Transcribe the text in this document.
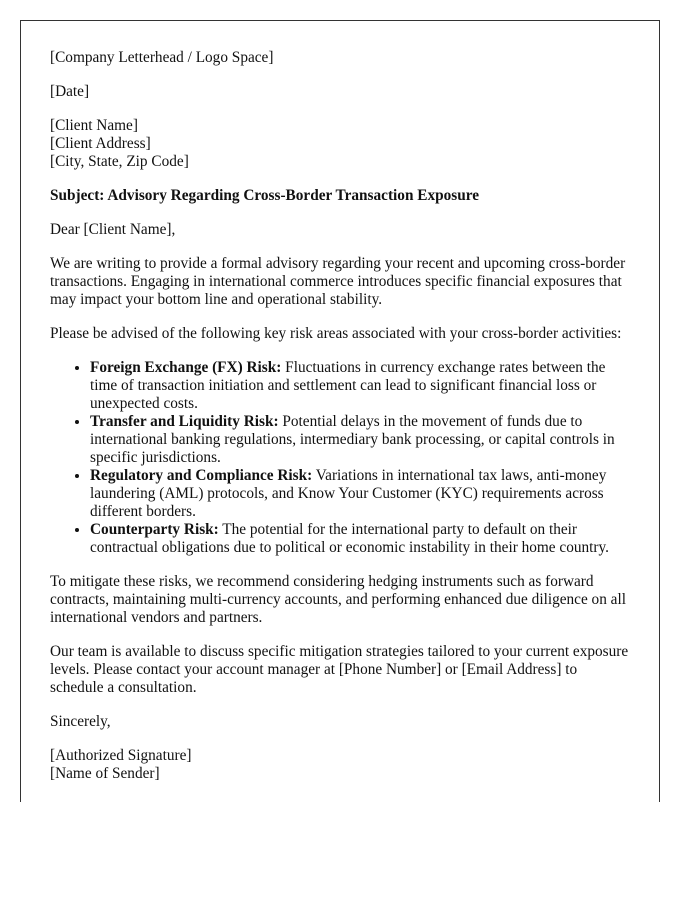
[Company Letterhead / Logo Space]

[Date]

[Client Name]
[Client Address]
[City, State, Zip Code]

Subject: Advisory Regarding Cross-Border Transaction Exposure

Dear [Client Name],

We are writing to provide a formal advisory regarding your recent and upcoming cross-border transactions. Engaging in international commerce introduces specific financial exposures that may impact your bottom line and operational stability.

Please be advised of the following key risk areas associated with your cross-border activities:

• Foreign Exchange (FX) Risk: Fluctuations in currency exchange rates between the time of transaction initiation and settlement can lead to significant financial loss or unexpected costs.
• Transfer and Liquidity Risk: Potential delays in the movement of funds due to international banking regulations, intermediary bank processing, or capital controls in specific jurisdictions.
• Regulatory and Compliance Risk: Variations in international tax laws, anti-money laundering (AML) protocols, and Know Your Customer (KYC) requirements across different borders.
• Counterparty Risk: The potential for the international party to default on their contractual obligations due to political or economic instability in their home country.

To mitigate these risks, we recommend considering hedging instruments such as forward contracts, maintaining multi-currency accounts, and performing enhanced due diligence on all international vendors and partners.

Our team is available to discuss specific mitigation strategies tailored to your current exposure levels. Please contact your account manager at [Phone Number] or [Email Address] to schedule a consultation.

Sincerely,

[Authorized Signature]
[Name of Sender]
